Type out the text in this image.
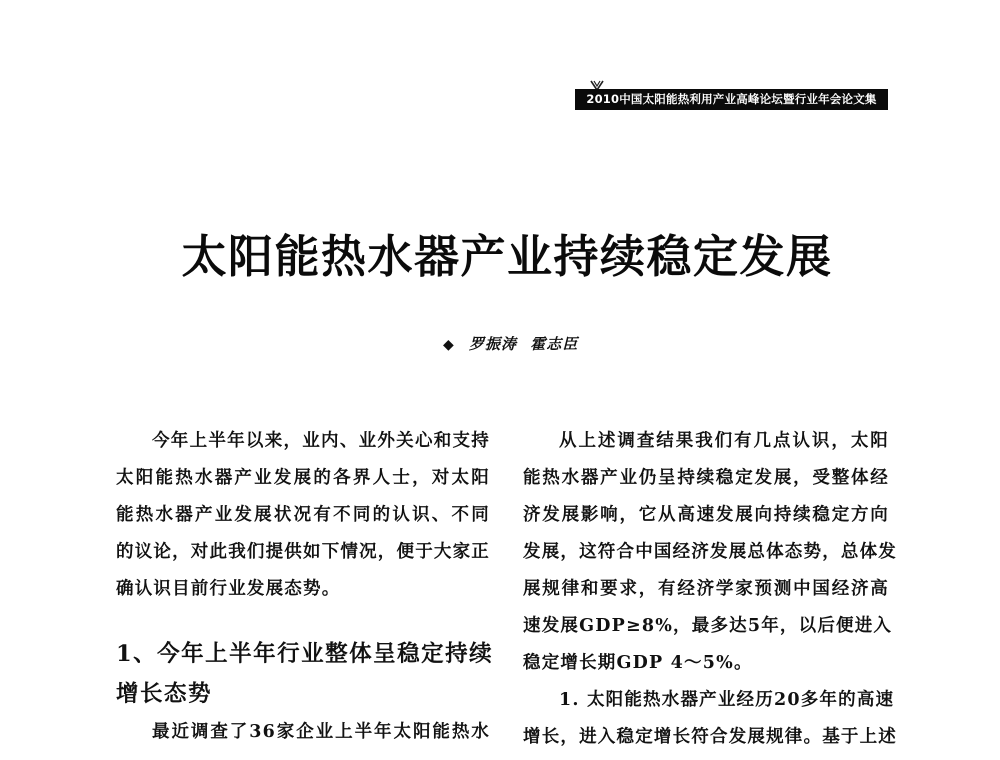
2010中国太阳能热利用产业高峰论坛暨行业年会论文集
太阳能热水器产业持续稳定发展
◆ 罗振涛 霍志臣

今年上半年以来，业内、业外关心和支持
太阳能热水器产业发展的各界人士，对太阳
能热水器产业发展状况有不同的认识、不同
的议论，对此我们提供如下情况，便于大家正
确认识目前行业发展态势。

1、今年上半年行业整体呈稳定持续
增长态势

最近调查了36家企业上半年太阳能热水

从上述调查结果我们有几点认识，太阳
能热水器产业仍呈持续稳定发展，受整体经
济发展影响，它从高速发展向持续稳定方向
发展，这符合中国经济发展总体态势，总体发
展规律和要求，有经济学家预测中国经济高
速发展GDP≥8%，最多达5年，以后便进入
稳定增长期GDP 4～5%。

1. 太阳能热水器产业经历20多年的高速
增长，进入稳定增长符合发展规律。基于上述
